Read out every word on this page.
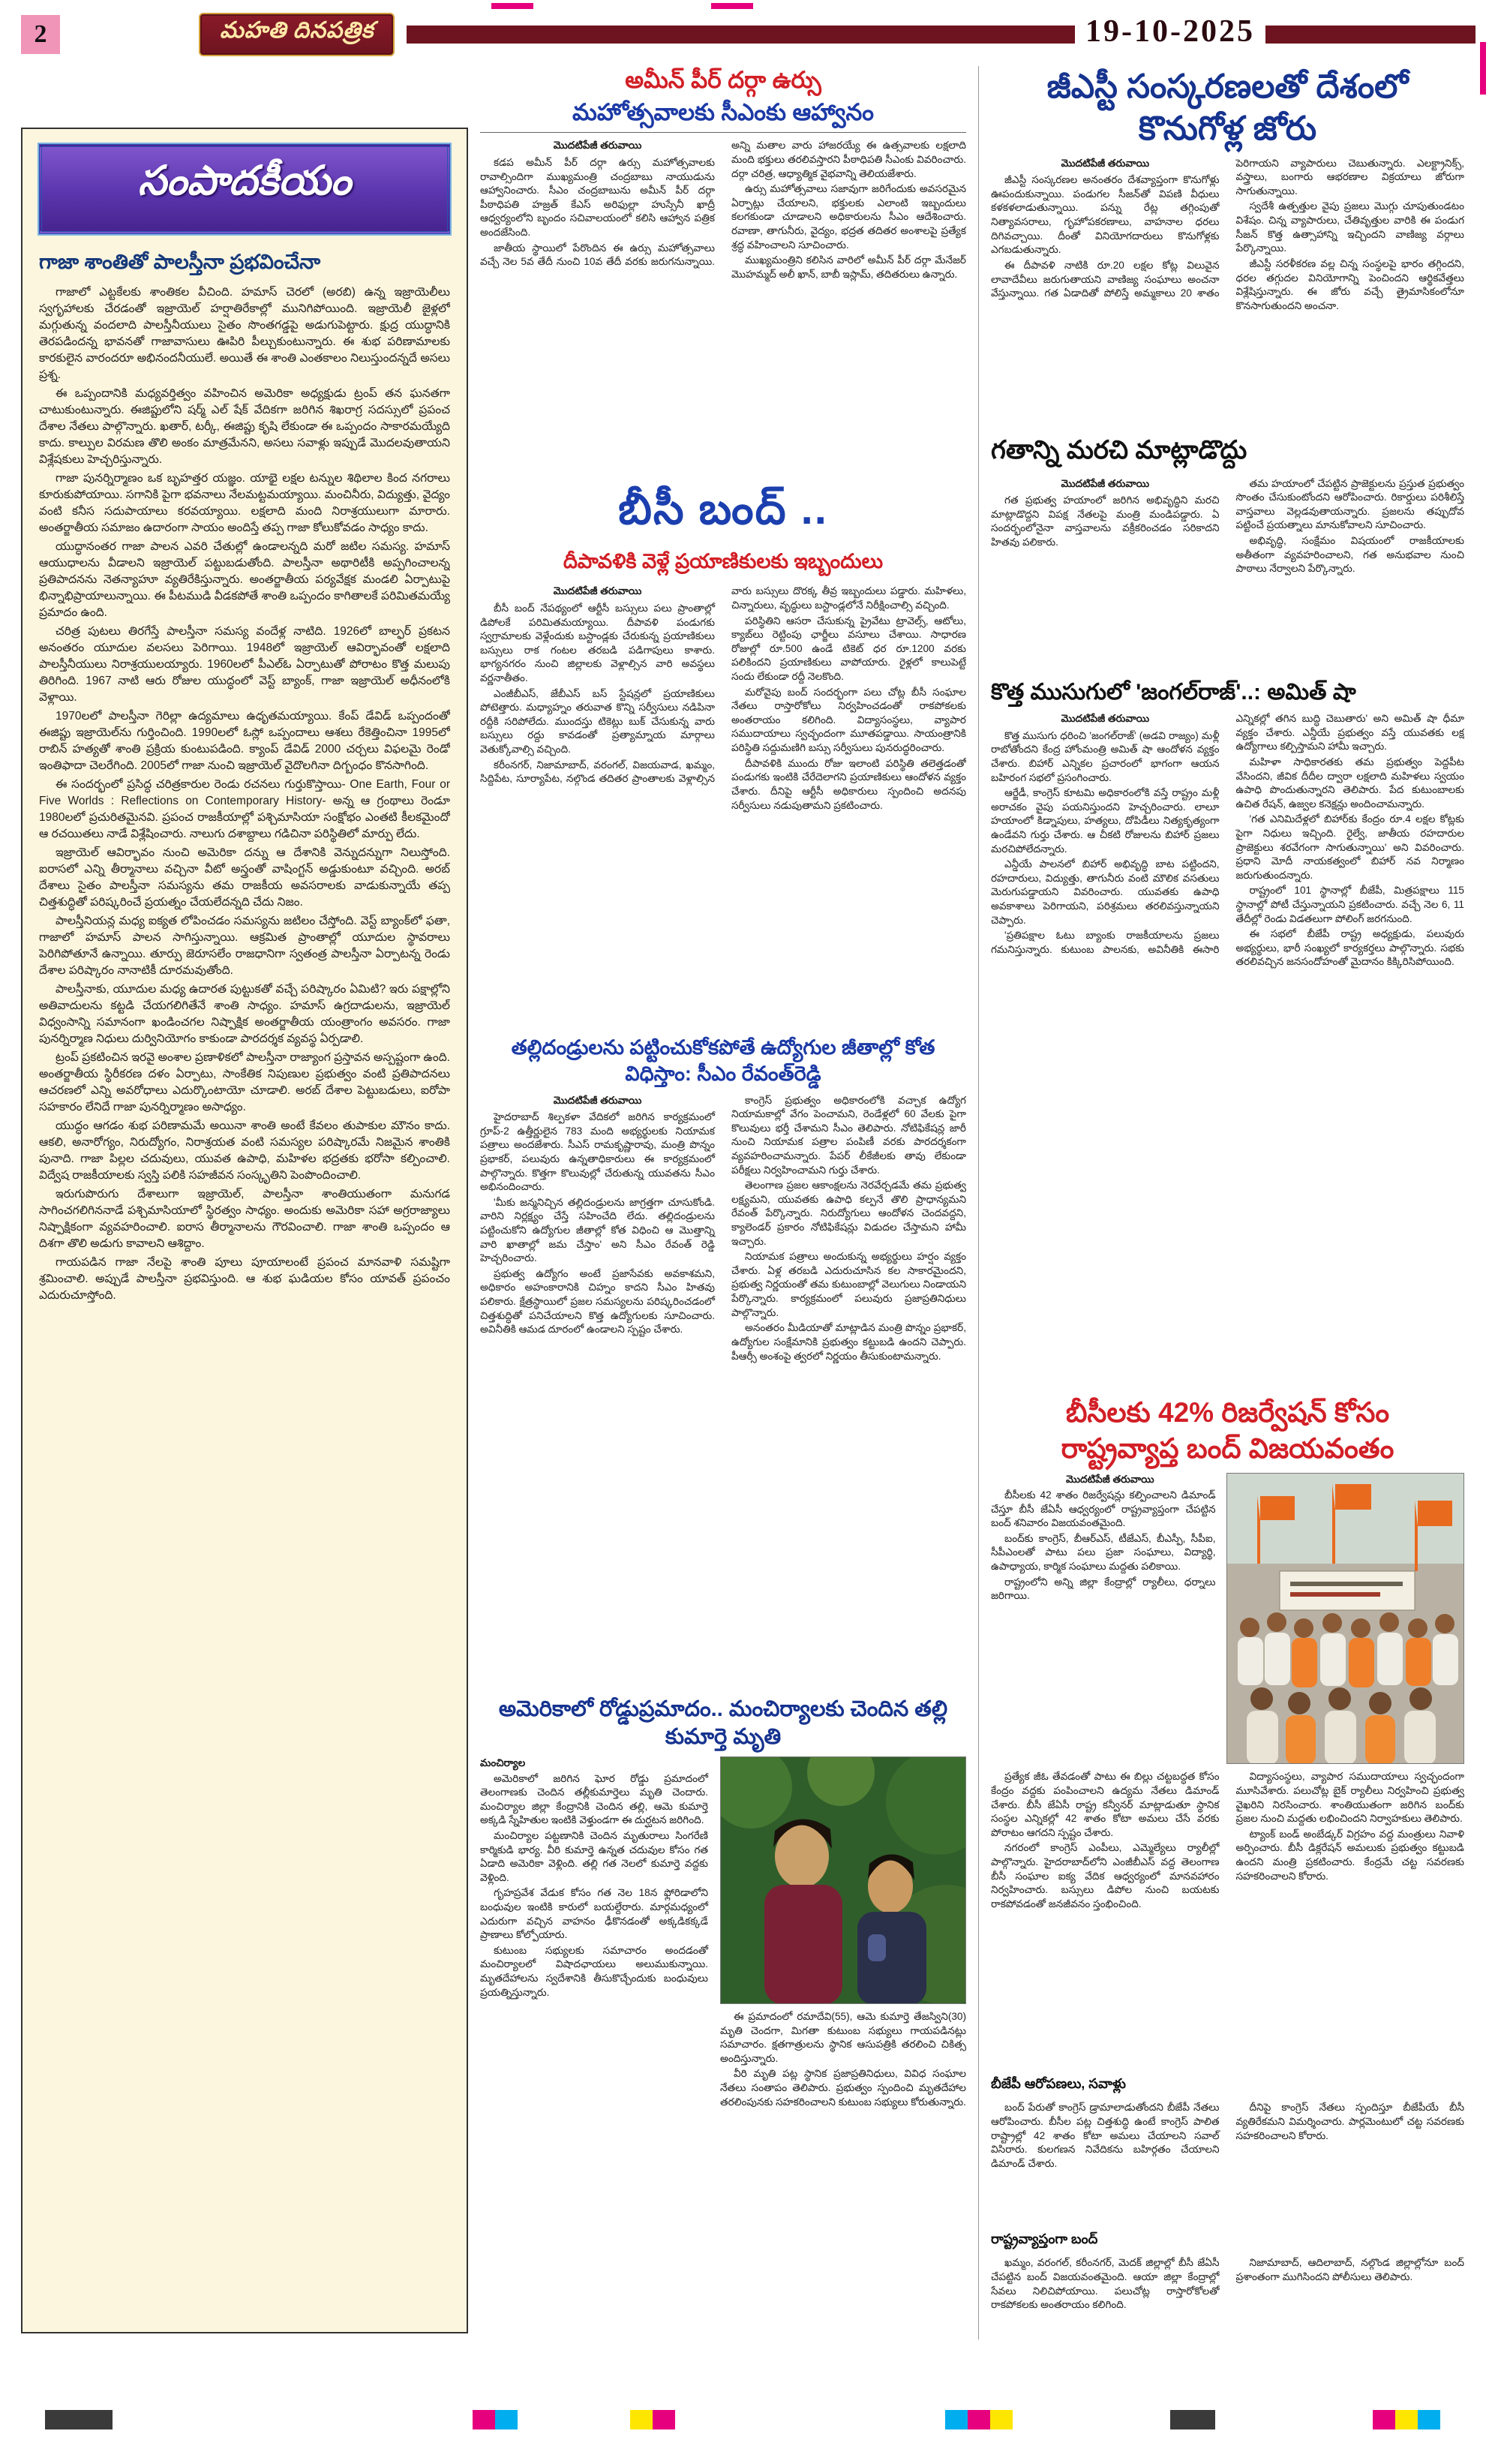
2	మహతి దినపత్రిక	19-10-2025
సంపాదకీయం
గాజా శాంతితో పాలస్తీనా ప్రభవించేనా

గాజాలో ఎట్టకేలకు శాంతికల వీచింది. హమాస్ చెరలో (అరబి) ఉన్న ఇజ్రాయెలీలు స్వగృహాలకు చేరడంతో ఇజ్రాయెల్ హర్షాతిరేకాల్లో మునిగిపోయింది. ఇజ్రాయెలీ జైళ్లలో మగ్గుతున్న వందలాది పాలస్తీనీయులు సైతం సొంతగడ్డపై అడుగుపెట్టారు. క్షుద్ర యుద్ధానికి తెరపడిందన్న భావనతో గాజావాసులు ఊపిరి పీల్చుకుంటున్నారు. ఈ శుభ పరిణామాలకు కారకులైన వారందరూ అభినందనీయులే. అయితే ఈ శాంతి ఎంతకాలం నిలుస్తుందన్నదే అసలు ప్రశ్న.

ఈ ఒప్పందానికి మధ్యవర్తిత్వం వహించిన అమెరికా అధ్యక్షుడు ట్రంప్ తన ఘనతగా చాటుకుంటున్నారు. ఈజిప్టులోని షర్మ్ ఎల్ షేక్ వేదికగా జరిగిన శిఖరాగ్ర సదస్సులో ప్రపంచ దేశాల నేతలు పాల్గొన్నారు. ఖతార్, టర్కీ, ఈజిప్టు కృషి లేకుండా ఈ ఒప్పందం సాకారమయ్యేది కాదు. కాల్పుల విరమణ తొలి అంకం మాత్రమేనని, అసలు సవాళ్లు ఇప్పుడే మొదలవుతాయని విశ్లేషకులు హెచ్చరిస్తున్నారు.

గాజా పునర్నిర్మాణం ఒక బృహత్తర యజ్ఞం. యాభై లక్షల టన్నుల శిథిలాల కింద నగరాలు కూరుకుపోయాయి. సగానికి పైగా భవనాలు నేలమట్టమయ్యాయి. మంచినీరు, విద్యుత్తు, వైద్యం వంటి కనీస సదుపాయాలు కరవయ్యాయి. లక్షలాది మంది నిరాశ్రయులుగా మారారు. అంతర్జాతీయ సమాజం ఉదారంగా సాయం అందిస్తే తప్ప గాజా కోలుకోవడం సాధ్యం కాదు.

యుద్ధానంతర గాజా పాలన ఎవరి చేతుల్లో ఉండాలన్నది మరో జటిల సమస్య. హమాస్ ఆయుధాలను వీడాలని ఇజ్రాయెల్ పట్టుబడుతోంది. పాలస్తీనా అథారిటీకి అప్పగించాలన్న ప్రతిపాదనను నెతన్యాహూ వ్యతిరేకిస్తున్నారు. అంతర్జాతీయ పర్యవేక్షక మండలి ఏర్పాటుపై భిన్నాభిప్రాయాలున్నాయి. ఈ పీటముడి వీడకపోతే శాంతి ఒప్పందం కాగితాలకే పరిమితమయ్యే ప్రమాదం ఉంది.

చరిత్ర పుటలు తిరగేస్తే పాలస్తీనా సమస్య వందేళ్ల నాటిది. 1926లో బాల్ఫర్ ప్రకటన అనంతరం యూదుల వలసలు పెరిగాయి. 1948లో ఇజ్రాయెల్ ఆవిర్భావంతో లక్షలాది పాలస్తీనీయులు నిరాశ్రయులయ్యారు. 1960లలో పీఎల్ఓ ఏర్పాటుతో పోరాటం కొత్త మలుపు తిరిగింది. 1967 నాటి ఆరు రోజుల యుద్ధంలో వెస్ట్ బ్యాంక్, గాజా ఇజ్రాయెల్ అధీనంలోకి వెళ్లాయి.

1970లలో పాలస్తీనా గెరిల్లా ఉద్యమాలు ఉధృతమయ్యాయి. కేంప్ డేవిడ్ ఒప్పందంతో ఈజిప్టు ఇజ్రాయెల్‌ను గుర్తించింది. 1990లలో ఓస్లో ఒప్పందాలు ఆశలు రేకెత్తించినా 1995లో రాబిన్ హత్యతో శాంతి ప్రక్రియ కుంటుపడింది. క్యాంప్ డేవిడ్ 2000 చర్చలు విఫలమై రెండో ఇంతిఫాదా చెలరేగింది. 2005లో గాజా నుంచి ఇజ్రాయెల్ వైదొలగినా దిగ్బంధం కొనసాగింది.

ఈ సందర్భంలో ప్రసిద్ధ చరిత్రకారుల రెండు రచనలు గుర్తుకొస్తాయి- One Earth, Four or Five Worlds : Reflections on Contemporary History- అన్న ఆ గ్రంథాలు రెండూ 1980లలో ప్రచురితమైనవి. ప్రపంచ రాజకీయాల్లో పశ్చిమాసియా సంక్షోభం ఎంతటి కీలకమైందో ఆ రచయితలు నాడే విశ్లేషించారు. నాలుగు దశాబ్దాలు గడిచినా పరిస్థితిలో మార్పు లేదు.

ఇజ్రాయెల్ ఆవిర్భావం నుంచి అమెరికా దన్ను ఆ దేశానికి వెన్నుదన్నుగా నిలుస్తోంది. ఐరాసలో ఎన్ని తీర్మానాలు వచ్చినా వీటో అస్త్రంతో వాషింగ్టన్ అడ్డుకుంటూ వచ్చింది. అరబ్ దేశాలు సైతం పాలస్తీనా సమస్యను తమ రాజకీయ అవసరాలకు వాడుకున్నాయే తప్ప చిత్తశుద్ధితో పరిష్కరించే ప్రయత్నం చేయలేదన్నది చేదు నిజం.

పాలస్తీనియన్ల మధ్య ఐక్యత లోపించడం సమస్యను జటిలం చేస్తోంది. వెస్ట్ బ్యాంక్‌లో ఫతా, గాజాలో హమాస్ పాలన సాగిస్తున్నాయి. ఆక్రమిత ప్రాంతాల్లో యూదుల స్థావరాలు పెరిగిపోతూనే ఉన్నాయి. తూర్పు జెరూసలేం రాజధానిగా స్వతంత్ర పాలస్తీనా ఏర్పాటన్న రెండు దేశాల పరిష్కారం నానాటికీ దూరమవుతోంది.

పాలస్తీనాకు, యూదుల మధ్య ఉదారత పుట్టుకతో వచ్చే పరిష్కారం ఏమిటి? ఇరు పక్షాల్లోని అతివాదులను కట్టడి చేయగలిగితేనే శాంతి సాధ్యం. హమాస్ ఉగ్రదాడులను, ఇజ్రాయెల్ విధ్వంసాన్ని సమానంగా ఖండించగల నిష్పాక్షిక అంతర్జాతీయ యంత్రాంగం అవసరం. గాజా పునర్నిర్మాణ నిధులు దుర్వినియోగం కాకుండా పారదర్శక వ్యవస్థ ఏర్పడాలి.

ట్రంప్ ప్రకటించిన ఇరవై అంశాల ప్రణాళికలో పాలస్తీనా రాజ్యాంగ ప్రస్తావన అస్పష్టంగా ఉంది. అంతర్జాతీయ స్థిరీకరణ దళం ఏర్పాటు, సాంకేతిక నిపుణుల ప్రభుత్వం వంటి ప్రతిపాదనలు ఆచరణలో ఎన్ని అవరోధాలు ఎదుర్కొంటాయో చూడాలి. అరబ్ దేశాల పెట్టుబడులు, ఐరోపా సహకారం లేనిదే గాజా పునర్నిర్మాణం అసాధ్యం.

యుద్ధం ఆగడం శుభ పరిణామమే అయినా శాంతి అంటే కేవలం తుపాకుల మౌనం కాదు. ఆకలి, అనారోగ్యం, నిరుద్యోగం, నిరాశ్రయత వంటి సమస్యల పరిష్కారమే నిజమైన శాంతికి పునాది. గాజా పిల్లల చదువులు, యువత ఉపాధి, మహిళల భద్రతకు భరోసా కల్పించాలి. విద్వేష రాజకీయాలకు స్వస్తి పలికి సహజీవన సంస్కృతిని పెంపొందించాలి.

ఇరుగుపొరుగు దేశాలుగా ఇజ్రాయెల్, పాలస్తీనా శాంతియుతంగా మనుగడ సాగించగలిగిననాడే పశ్చిమాసియాలో స్థిరత్వం సాధ్యం. అందుకు అమెరికా సహా అగ్రరాజ్యాలు నిష్పాక్షికంగా వ్యవహరించాలి. ఐరాస తీర్మానాలను గౌరవించాలి. గాజా శాంతి ఒప్పందం ఆ దిశగా తొలి అడుగు కావాలని ఆశిద్దాం.

గాయపడిన గాజా నేలపై శాంతి పూలు పూయాలంటే ప్రపంచ మానవాళి సమష్టిగా శ్రమించాలి. అప్పుడే పాలస్తీనా ప్రభవిస్తుంది. ఆ శుభ ఘడియల కోసం యావత్ ప్రపంచం ఎదురుచూస్తోంది.

అమీన్ పీర్ దర్గా ఉర్సు
మహోత్సవాలకు సీఎంకు ఆహ్వానం

మొదటిపేజీ తరువాయి

కడప అమీన్ పీర్ దర్గా ఉర్సు మహోత్సవాలకు రావాల్సిందిగా ముఖ్యమంత్రి చంద్రబాబు నాయుడును ఆహ్వానించారు. సీఎం చంద్రబాబును అమీన్ పీర్ దర్గా పీఠాధిపతి హజ్రత్ కేఎస్ అరిఫుల్లా హుస్సేనీ ఖాద్రీ ఆధ్వర్యంలోని బృందం సచివాలయంలో కలిసి ఆహ్వాన పత్రిక అందజేసింది.

జాతీయ స్థాయిలో పేరొందిన ఈ ఉర్సు మహోత్సవాలు వచ్చే నెల 5వ తేదీ నుంచి 10వ తేదీ వరకు జరుగనున్నాయి. అన్ని మతాల వారు హాజరయ్యే ఈ ఉత్సవాలకు లక్షలాది మంది భక్తులు తరలివస్తారని పీఠాధిపతి సీఎంకు వివరించారు. దర్గా చరిత్ర, ఆధ్యాత్మిక వైభవాన్ని తెలియజేశారు.

ఉర్సు మహోత్సవాలు సజావుగా జరిగేందుకు అవసరమైన ఏర్పాట్లు చేయాలని, భక్తులకు ఎలాంటి ఇబ్బందులు కలగకుండా చూడాలని అధికారులను సీఎం ఆదేశించారు. రవాణా, తాగునీరు, వైద్యం, భద్రత తదితర అంశాలపై ప్రత్యేక శ్రద్ధ వహించాలని సూచించారు.

ముఖ్యమంత్రిని కలిసిన వారిలో అమీన్ పీర్ దర్గా మేనేజర్ మొహమ్మద్ అలీ ఖాన్, బాబీ ఇస్లామ్, తదితరులు ఉన్నారు.

బీసీ బంద్ ..
దీపావళికి వెళ్లే ప్రయాణికులకు ఇబ్బందులు

మొదటిపేజీ తరువాయి

బీసీ బంద్ నేపథ్యంలో ఆర్టీసీ బస్సులు పలు ప్రాంతాల్లో డిపోలకే పరిమితమయ్యాయి. దీపావళి పండుగకు స్వగ్రామాలకు వెళ్లేందుకు బస్టాండ్లకు చేరుకున్న ప్రయాణికులు బస్సులు రాక గంటల తరబడి పడిగాపులు కాశారు. భాగ్యనగరం నుంచి జిల్లాలకు వెళ్లాల్సిన వారి అవస్థలు వర్ణనాతీతం.

ఎంజీబీఎస్, జేబీఎస్ బస్ స్టేషన్లలో ప్రయాణికులు పోటెత్తారు. మధ్యాహ్నం తరువాత కొన్ని సర్వీసులు నడిపినా రద్దీకి సరిపోలేదు. ముందస్తు టికెట్లు బుక్ చేసుకున్న వారు బస్సులు రద్దు కావడంతో ప్రత్యామ్నాయ మార్గాలు వెతుక్కోవాల్సి వచ్చింది.

కరీంనగర్, నిజామాబాద్, వరంగల్, విజయవాడ, ఖమ్మం, సిద్దిపేట, సూర్యాపేట, నల్గొండ తదితర ప్రాంతాలకు వెళ్లాల్సిన వారు బస్సులు దొరక్క తీవ్ర ఇబ్బందులు పడ్డారు. మహిళలు, చిన్నారులు, వృద్ధులు బస్టాండ్లలోనే నిరీక్షించాల్సి వచ్చింది.

పరిస్థితిని ఆసరా చేసుకున్న ప్రైవేటు ట్రావెల్స్, ఆటోలు, క్యాబ్‌లు రెట్టింపు ఛార్జీలు వసూలు చేశాయి. సాధారణ రోజుల్లో రూ.500 ఉండే టికెట్ ధర రూ.1200 వరకు పలికిందని ప్రయాణికులు వాపోయారు. రైళ్లలో కాలుపెట్టే సందు లేకుండా రద్దీ నెలకొంది.

మరోవైపు బంద్ సందర్భంగా పలు చోట్ల బీసీ సంఘాల నేతలు రాస్తారోకోలు నిర్వహించడంతో రాకపోకలకు అంతరాయం కలిగింది. విద్యాసంస్థలు, వ్యాపార సముదాయాలు స్వచ్ఛందంగా మూతపడ్డాయి. సాయంత్రానికి పరిస్థితి సద్దుమణిగి బస్సు సర్వీసులు పునరుద్ధరించారు.

దీపావళికి ముందు రోజు ఇలాంటి పరిస్థితి తలెత్తడంతో పండుగకు ఇంటికి చేరేదెలాగని ప్రయాణికులు ఆందోళన వ్యక్తం చేశారు. దీనిపై ఆర్టీసీ అధికారులు స్పందించి అదనపు సర్వీసులు నడుపుతామని ప్రకటించారు.

తల్లిదండ్రులను పట్టించుకోకపోతే ఉద్యోగుల జీతాల్లో కోత విధిస్తాం: సీఎం రేవంత్‌రెడ్డి

మొదటిపేజీ తరువాయి

హైదరాబాద్ శిల్పకళా వేదికలో జరిగిన కార్యక్రమంలో గ్రూప్-2 ఉత్తీర్ణులైన 783 మంది అభ్యర్థులకు నియామక పత్రాలు అందజేశారు. సీఎస్ రామకృష్ణారావు, మంత్రి పొన్నం ప్రభాకర్, పలువురు ఉన్నతాధికారులు ఈ కార్యక్రమంలో పాల్గొన్నారు. కొత్తగా కొలువుల్లో చేరుతున్న యువతను సీఎం అభినందించారు.

'మీకు జన్మనిచ్చిన తల్లిదండ్రులను జాగ్రత్తగా చూసుకోండి. వారిని నిర్లక్ష్యం చేస్తే సహించేది లేదు. తల్లిదండ్రులను పట్టించుకోని ఉద్యోగుల జీతాల్లో కోత విధించి ఆ మొత్తాన్ని వారి ఖాతాల్లో జమ చేస్తాం' అని సీఎం రేవంత్ రెడ్డి హెచ్చరించారు.

ప్రభుత్వ ఉద్యోగం అంటే ప్రజాసేవకు అవకాశమని, అధికారం అహంకారానికి చిహ్నం కాదని సీఎం హితవు పలికారు. క్షేత్రస్థాయిలో ప్రజల సమస్యలను పరిష్కరించడంలో చిత్తశుద్ధితో పనిచేయాలని కొత్త ఉద్యోగులకు సూచించారు. అవినీతికి ఆమడ దూరంలో ఉండాలని స్పష్టం చేశారు.

కాంగ్రెస్ ప్రభుత్వం అధికారంలోకి వచ్చాక ఉద్యోగ నియామకాల్లో వేగం పెంచామని, రెండేళ్లలో 60 వేలకు పైగా కొలువులు భర్తీ చేశామని సీఎం తెలిపారు. నోటిఫికేషన్ల జారీ నుంచి నియామక పత్రాల పంపిణీ వరకు పారదర్శకంగా వ్యవహరించామన్నారు. పేపర్ లీకేజీలకు తావు లేకుండా పరీక్షలు నిర్వహించామని గుర్తు చేశారు.

తెలంగాణ ప్రజల ఆకాంక్షలను నెరవేర్చడమే తమ ప్రభుత్వ లక్ష్యమని, యువతకు ఉపాధి కల్పనే తొలి ప్రాధాన్యమని రేవంత్ పేర్కొన్నారు. నిరుద్యోగులు ఆందోళన చెందవద్దని, క్యాలెండర్ ప్రకారం నోటిఫికేషన్లు విడుదల చేస్తామని హామీ ఇచ్చారు.

నియామక పత్రాలు అందుకున్న అభ్యర్థులు హర్షం వ్యక్తం చేశారు. ఏళ్ల తరబడి ఎదురుచూసిన కల సాకారమైందని, ప్రభుత్వ నిర్ణయంతో తమ కుటుంబాల్లో వెలుగులు నిండాయని పేర్కొన్నారు. కార్యక్రమంలో పలువురు ప్రజాప్రతినిధులు పాల్గొన్నారు.

అనంతరం మీడియాతో మాట్లాడిన మంత్రి పొన్నం ప్రభాకర్, ఉద్యోగుల సంక్షేమానికి ప్రభుత్వం కట్టుబడి ఉందని చెప్పారు. పీఆర్సీ అంశంపై త్వరలో నిర్ణయం తీసుకుంటామన్నారు.

అమెరికాలో రోడ్డుప్రమాదం.. మంచిర్యాలకు చెందిన తల్లి కుమార్తె మృతి

మంచిర్యాల

అమెరికాలో జరిగిన ఘోర రోడ్డు ప్రమాదంలో తెలంగాణకు చెందిన తల్లీకుమార్తెలు మృతి చెందారు. మంచిర్యాల జిల్లా కేంద్రానికి చెందిన తల్లి, ఆమె కుమార్తె అక్కడి స్నేహితుల ఇంటికి వెళ్తుండగా ఈ దుర్ఘటన జరిగింది.

మంచిర్యాల పట్టణానికి చెందిన మృతురాలు సింగరేణి కార్మికుడి భార్య. వీరి కుమార్తె ఉన్నత చదువుల కోసం గత ఏడాది అమెరికా వెళ్లింది. తల్లి గత నెలలో కుమార్తె వద్దకు వెళ్లింది.

గృహప్రవేశ వేడుక కోసం గత నెల 18న ఫ్లోరిడాలోని బంధువుల ఇంటికి కారులో బయల్దేరారు. మార్గమధ్యంలో ఎదురుగా వచ్చిన వాహనం ఢీకొనడంతో అక్కడికక్కడే ప్రాణాలు కోల్పోయారు.

కుటుంబ సభ్యులకు సమాచారం అందడంతో మంచిర్యాలలో విషాదఛాయలు అలుముకున్నాయి. మృతదేహాలను స్వదేశానికి తీసుకొచ్చేందుకు బంధువులు ప్రయత్నిస్తున్నారు.

ఈ ప్రమాదంలో రమాదేవి(55), ఆమె కుమార్తె తేజస్విని(30) మృతి చెందగా, మిగతా కుటుంబ సభ్యులు గాయపడినట్లు సమాచారం. క్షతగాత్రులను స్థానిక ఆసుపత్రికి తరలించి చికిత్స అందిస్తున్నారు.

వీరి మృతి పట్ల స్థానిక ప్రజాప్రతినిధులు, వివిధ సంఘాల నేతలు సంతాపం తెలిపారు. ప్రభుత్వం స్పందించి మృతదేహాల తరలింపునకు సహకరించాలని కుటుంబ సభ్యులు కోరుతున్నారు.

జీఎస్టీ సంస్కరణలతో దేశంలో కొనుగోళ్ల జోరు

మొదటిపేజీ తరువాయి

జీఎస్టీ సంస్కరణల అనంతరం దేశవ్యాప్తంగా కొనుగోళ్లు ఊపందుకున్నాయి. పండుగల సీజన్‌తో విపణి వీధులు కళకళలాడుతున్నాయి. పన్ను రేట్ల తగ్గింపుతో నిత్యావసరాలు, గృహోపకరణాలు, వాహనాల ధరలు దిగివచ్చాయి. దీంతో వినియోగదారులు కొనుగోళ్లకు ఎగబడుతున్నారు.

ఈ దీపావళి నాటికి రూ.20 లక్షల కోట్ల విలువైన లావాదేవీలు జరుగుతాయని వాణిజ్య సంఘాలు అంచనా వేస్తున్నాయి. గత ఏడాదితో పోలిస్తే అమ్మకాలు 20 శాతం పెరిగాయని వ్యాపారులు చెబుతున్నారు. ఎలక్ట్రానిక్స్, వస్త్రాలు, బంగారు ఆభరణాల విక్రయాలు జోరుగా సాగుతున్నాయి.

స్వదేశీ ఉత్పత్తుల వైపు ప్రజలు మొగ్గు చూపుతుండటం విశేషం. చిన్న వ్యాపారులు, చేతివృత్తుల వారికి ఈ పండుగ సీజన్ కొత్త ఉత్సాహాన్ని ఇచ్చిందని వాణిజ్య వర్గాలు పేర్కొన్నాయి.

జీఎస్టీ సరళీకరణ వల్ల చిన్న సంస్థలపై భారం తగ్గిందని, ధరల తగ్గుదల వినియోగాన్ని పెంచిందని ఆర్థికవేత్తలు విశ్లేషిస్తున్నారు. ఈ జోరు వచ్చే త్రైమాసికంలోనూ కొనసాగుతుందని అంచనా.

గతాన్ని మరచి మాట్లాడొద్దు

మొదటిపేజీ తరువాయి

గత ప్రభుత్వ హయాంలో జరిగిన అభివృద్ధిని మరచి మాట్లాడొద్దని విపక్ష నేతలపై మంత్రి మండిపడ్డారు. ఏ సందర్భంలోనైనా వాస్తవాలను వక్రీకరించడం సరికాదని హితవు పలికారు.

తమ హయాంలో చేపట్టిన ప్రాజెక్టులను ప్రస్తుత ప్రభుత్వం సొంతం చేసుకుంటోందని ఆరోపించారు. రికార్డులు పరిశీలిస్తే వాస్తవాలు వెల్లడవుతాయన్నారు. ప్రజలను తప్పుదోవ పట్టించే ప్రయత్నాలు మానుకోవాలని సూచించారు.

అభివృద్ధి, సంక్షేమం విషయంలో రాజకీయాలకు అతీతంగా వ్యవహరించాలని, గత అనుభవాల నుంచి పాఠాలు నేర్వాలని పేర్కొన్నారు.

కొత్త ముసుగులో 'జంగల్‌రాజ్'..: అమిత్ షా

మొదటిపేజీ తరువాయి

కొత్త ముసుగు ధరించి 'జంగల్‌రాజ్' (అడవి రాజ్యం) మళ్లీ రాబోతోందని కేంద్ర హోంమంత్రి అమిత్ షా ఆందోళన వ్యక్తం చేశారు. బిహార్ ఎన్నికల ప్రచారంలో భాగంగా ఆయన బహిరంగ సభలో ప్రసంగించారు.

ఆర్జేడీ, కాంగ్రెస్ కూటమి అధికారంలోకి వస్తే రాష్ట్రం మళ్లీ అరాచకం వైపు పయనిస్తుందని హెచ్చరించారు. లాలూ హయాంలో కిడ్నాపులు, హత్యలు, దోపిడీలు నిత్యకృత్యంగా ఉండేవని గుర్తు చేశారు. ఆ చీకటి రోజులను బిహార్ ప్రజలు మరచిపోలేదన్నారు.

ఎన్డీయే పాలనలో బిహార్ అభివృద్ధి బాట పట్టిందని, రహదారులు, విద్యుత్తు, తాగునీరు వంటి మౌలిక వసతులు మెరుగుపడ్డాయని వివరించారు. యువతకు ఉపాధి అవకాశాలు పెరిగాయని, పరిశ్రమలు తరలివస్తున్నాయని చెప్పారు.

'ప్రతిపక్షాల ఓటు బ్యాంకు రాజకీయాలను ప్రజలు గమనిస్తున్నారు. కుటుంబ పాలనకు, అవినీతికి ఈసారి ఎన్నికల్లో తగిన బుద్ధి చెబుతారు' అని అమిత్ షా ధీమా వ్యక్తం చేశారు. ఎన్డీయే ప్రభుత్వం వస్తే యువతకు లక్ష ఉద్యోగాలు కల్పిస్తామని హామీ ఇచ్చారు.

మహిళా సాధికారతకు తమ ప్రభుత్వం పెద్దపీట వేసిందని, జీవిక దీదీల ద్వారా లక్షలాది మహిళలు స్వయం ఉపాధి పొందుతున్నారని తెలిపారు. పేద కుటుంబాలకు ఉచిత రేషన్, ఉజ్వల కనెక్షన్లు అందించామన్నారు.

'గత ఎనిమిదేళ్లలో బిహార్‌కు కేంద్రం రూ.4 లక్షల కోట్లకు పైగా నిధులు ఇచ్చింది. రైల్వే, జాతీయ రహదారుల ప్రాజెక్టులు శరవేగంగా సాగుతున్నాయి' అని వివరించారు. ప్రధాని మోదీ నాయకత్వంలో బిహార్ నవ నిర్మాణం జరుగుతుందన్నారు.

రాష్ట్రంలో 101 స్థానాల్లో బీజేపీ, మిత్రపక్షాలు 115 స్థానాల్లో పోటీ చేస్తున్నాయని ప్రకటించారు. వచ్చే నెల 6, 11 తేదీల్లో రెండు విడతలుగా పోలింగ్ జరగనుంది.

ఈ సభలో బీజేపీ రాష్ట్ర అధ్యక్షుడు, పలువురు అభ్యర్థులు, భారీ సంఖ్యలో కార్యకర్తలు పాల్గొన్నారు. సభకు తరలివచ్చిన జనసందోహంతో మైదానం కిక్కిరిసిపోయింది.

బీసీలకు 42% రిజర్వేషన్ కోసం
రాష్ట్రవ్యాప్త బంద్ విజయవంతం

మొదటిపేజీ తరువాయి

బీసీలకు 42 శాతం రిజర్వేషన్లు కల్పించాలని డిమాండ్ చేస్తూ బీసీ జేఏసీ ఆధ్వర్యంలో రాష్ట్రవ్యాప్తంగా చేపట్టిన బంద్ శనివారం విజయవంతమైంది.

బంద్‌కు కాంగ్రెస్, బీఆర్ఎస్, టీజేఎస్, బీఎస్పీ, సీపీఐ, సీపీఎంలతో పాటు పలు ప్రజా సంఘాలు, విద్యార్థి, ఉపాధ్యాయ, కార్మిక సంఘాలు మద్దతు పలికాయి.

రాష్ట్రంలోని అన్ని జిల్లా కేంద్రాల్లో ర్యాలీలు, ధర్నాలు జరిగాయి.

ప్రత్యేక జీఓ తేవడంతో పాటు ఈ బిల్లు చట్టబద్ధత కోసం కేంద్రం వద్దకు పంపించాలని ఉద్యమ నేతలు డిమాండ్ చేశారు. బీసీ జేఏసీ రాష్ట్ర కన్వీనర్ మాట్లాడుతూ స్థానిక సంస్థల ఎన్నికల్లో 42 శాతం కోటా అమలు చేసే వరకు పోరాటం ఆగదని స్పష్టం చేశారు.

నగరంలో కాంగ్రెస్ ఎంపీలు, ఎమ్మెల్యేలు ర్యాలీల్లో పాల్గొన్నారు. హైదరాబాద్‌లోని ఎంజీబీఎస్ వద్ద తెలంగాణ బీసీ సంఘాల ఐక్య వేదిక ఆధ్వర్యంలో మానవహారం నిర్వహించారు. బస్సులు డిపోల నుంచి బయటకు రాకపోవడంతో జనజీవనం స్తంభించింది.

విద్యాసంస్థలు, వ్యాపార సముదాయాలు స్వచ్ఛందంగా మూసివేశారు. పలుచోట్ల బైక్ ర్యాలీలు నిర్వహించి ప్రభుత్వ వైఖరిని నిరసించారు. శాంతియుతంగా జరిగిన బంద్‌కు ప్రజల నుంచి మద్దతు లభించిందని నిర్వాహకులు తెలిపారు.

ట్యాంక్ బండ్ అంబేడ్కర్ విగ్రహం వద్ద మంత్రులు నివాళి అర్పించారు. బీసీ డిక్లరేషన్ అమలుకు ప్రభుత్వం కట్టుబడి ఉందని మంత్రి ప్రకటించారు. కేంద్రమే చట్ట సవరణకు సహకరించాలని కోరారు.

బీజేపీ ఆరోపణలు, సవాళ్లు

బంద్ పేరుతో కాంగ్రెస్ డ్రామాలాడుతోందని బీజేపీ నేతలు ఆరోపించారు. బీసీల పట్ల చిత్తశుద్ధి ఉంటే కాంగ్రెస్ పాలిత రాష్ట్రాల్లో 42 శాతం కోటా అమలు చేయాలని సవాల్ విసిరారు. కులగణన నివేదికను బహిర్గతం చేయాలని డిమాండ్ చేశారు.

దీనిపై కాంగ్రెస్ నేతలు స్పందిస్తూ బీజేపీయే బీసీ వ్యతిరేకమని విమర్శించారు. పార్లమెంటులో చట్ట సవరణకు సహకరించాలని కోరారు.

రాష్ట్రవ్యాప్తంగా బంద్

ఖమ్మం, వరంగల్, కరీంనగర్, మెదక్ జిల్లాల్లో బీసీ జేఏసీ చేపట్టిన బంద్ విజయవంతమైంది. ఆయా జిల్లా కేంద్రాల్లో సేవలు నిలిచిపోయాయి. పలుచోట్ల రాస్తారోకోలతో రాకపోకలకు అంతరాయం కలిగింది.

నిజామాబాద్, ఆదిలాబాద్, నల్గొండ జిల్లాల్లోనూ బంద్ ప్రశాంతంగా ముగిసిందని పోలీసులు తెలిపారు.
